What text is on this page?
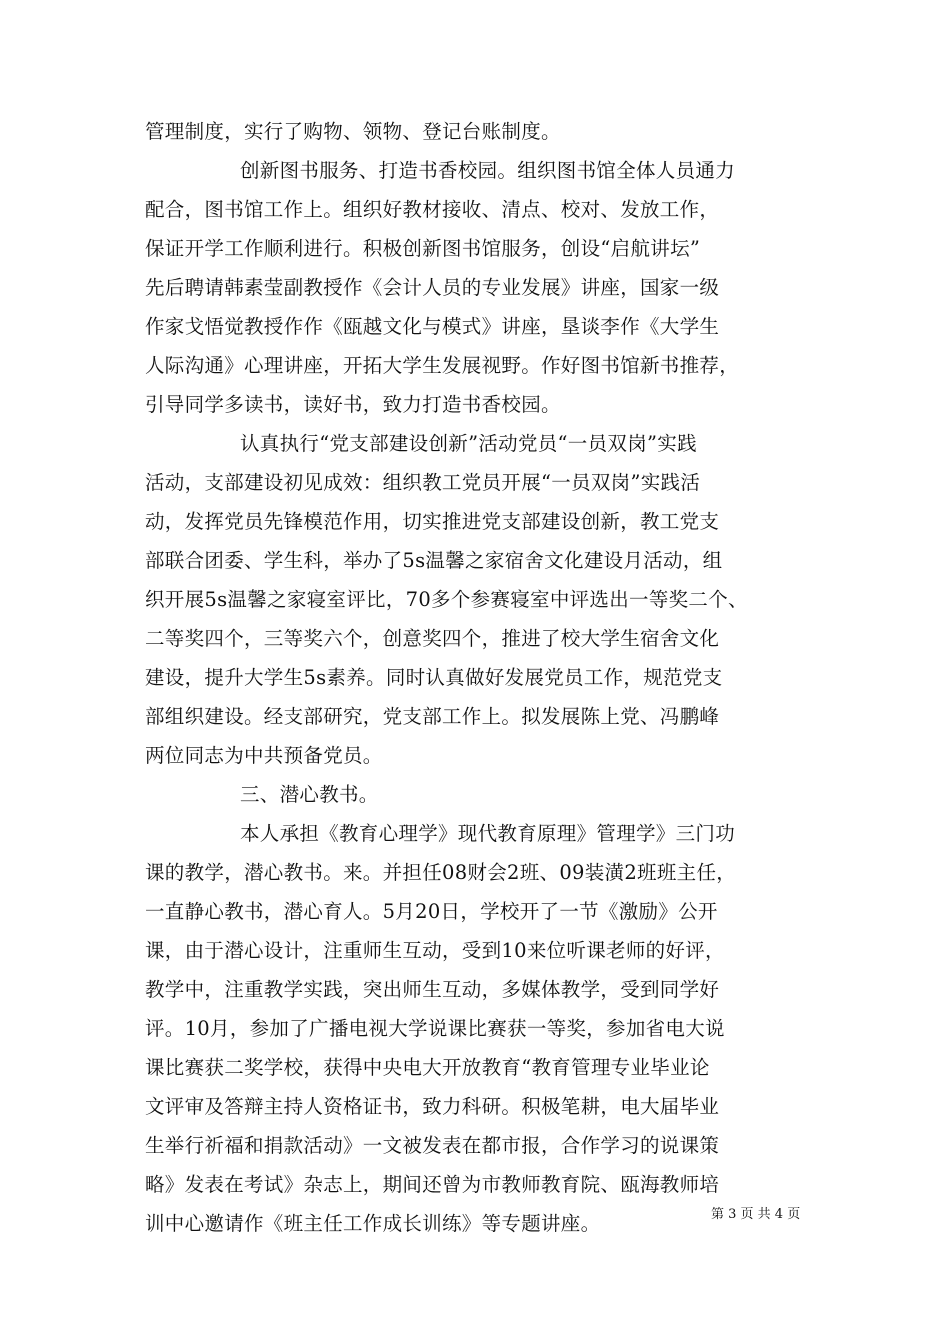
管理制度，实行了购物、领物、登记台账制度。
创新图书服务、打造书香校园。组织图书馆全体人员通力
配合，图书馆工作上。组织好教材接收、清点、校对、发放工作，
保证开学工作顺利进行。积极创新图书馆服务，创设“启航讲坛”
先后聘请韩素莹副教授作《会计人员的专业发展》讲座，国家一级
作家戈悟觉教授作作《瓯越文化与模式》讲座，垦谈李作《大学生
人际沟通》心理讲座，开拓大学生发展视野。作好图书馆新书推荐，
引导同学多读书，读好书，致力打造书香校园。
认真执行“党支部建设创新”活动党员“一员双岗”实践
活动，支部建设初见成效：组织教工党员开展“一员双岗”实践活
动，发挥党员先锋模范作用，切实推进党支部建设创新，教工党支
部联合团委、学生科，举办了5s温馨之家宿舍文化建设月活动，组
织开展5s温馨之家寝室评比，70多个参赛寝室中评选出一等奖二个、
二等奖四个，三等奖六个，创意奖四个，推进了校大学生宿舍文化
建设，提升大学生5s素养。同时认真做好发展党员工作，规范党支
部组织建设。经支部研究，党支部工作上。拟发展陈上党、冯鹏峰
两位同志为中共预备党员。
三、潜心教书。
本人承担《教育心理学》现代教育原理》管理学》三门功
课的教学，潜心教书。来。并担任08财会2班、09装潢2班班主任，
一直静心教书，潜心育人。5月20日，学校开了一节《激励》公开
课，由于潜心设计，注重师生互动，受到10来位听课老师的好评，
教学中，注重教学实践，突出师生互动，多媒体教学，受到同学好
评。10月，参加了广播电视大学说课比赛获一等奖，参加省电大说
课比赛获二奖学校，获得中央电大开放教育“教育管理专业毕业论
文评审及答辩主持人资格证书，致力科研。积极笔耕，电大届毕业
生举行祈福和捐款活动》一文被发表在都市报，合作学习的说课策
略》发表在考试》杂志上，期间还曾为市教师教育院、瓯海教师培
训中心邀请作《班主任工作成长训练》等专题讲座。	第 3 页 共 4 页
